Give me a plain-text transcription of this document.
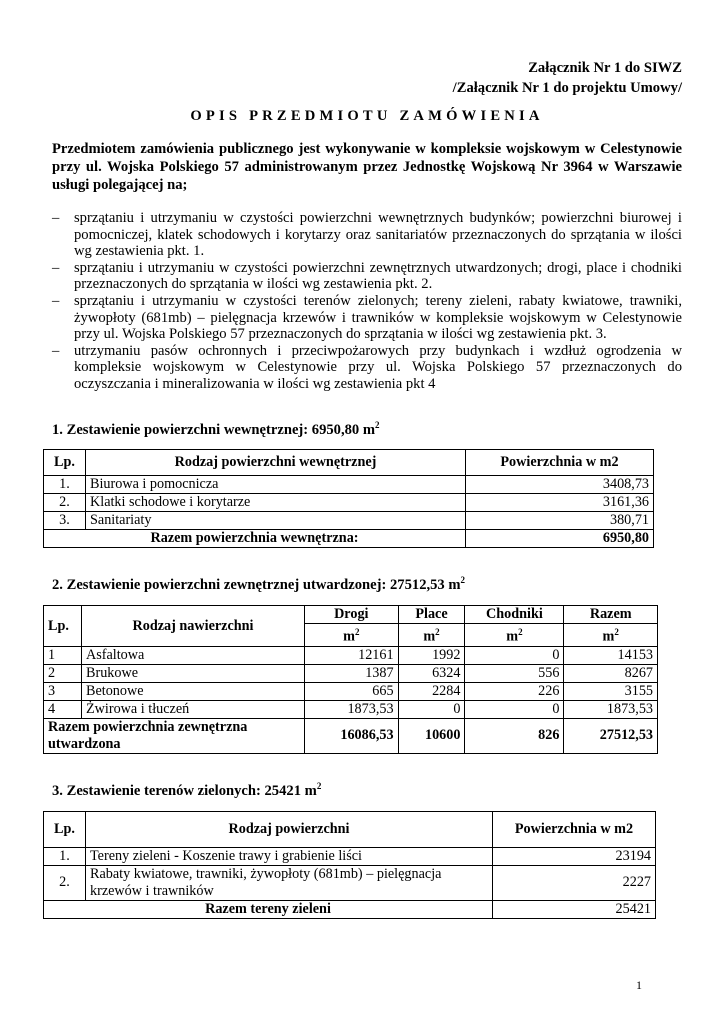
Załącznik Nr 1 do SIWZ
/Załącznik Nr 1 do projektu Umowy/
OPIS PRZEDMIOTU ZAMÓWIENIA

Przedmiotem zamówienia publicznego jest wykonywanie w kompleksie wojskowym w Celestynowie przy ul. Wojska Polskiego 57 administrowanym przez Jednostkę Wojskową Nr 3964 w Warszawie usługi polegającej na;

– sprzątaniu i utrzymaniu w czystości powierzchni wewnętrznych budynków; powierzchni biurowej i pomocniczej, klatek schodowych i korytarzy oraz sanitariatów przeznaczonych do sprzątania w ilości wg zestawienia pkt. 1.
– sprzątaniu i utrzymaniu w czystości powierzchni zewnętrznych utwardzonych; drogi, place i chodniki przeznaczonych do sprzątania w ilości wg zestawienia pkt. 2.
– sprzątaniu i utrzymaniu w czystości terenów zielonych; tereny zieleni, rabaty kwiatowe, trawniki, żywopłoty (681mb) – pielęgnacja krzewów i trawników w kompleksie wojskowym w Celestynowie przy ul. Wojska Polskiego 57 przeznaczonych do sprzątania w ilości wg zestawienia pkt. 3.
– utrzymaniu pasów ochronnych i przeciwpożarowych przy budynkach i wzdłuż ogrodzenia w kompleksie wojskowym w Celestynowie przy ul. Wojska Polskiego 57 przeznaczonych do oczyszczania i mineralizowania w ilości wg zestawienia pkt 4
1. Zestawienie powierzchni wewnętrznej: 6950,80 $m^2$
Lp.	Rodzaj powierzchni wewnętrznej	Powierzchnia w m2
1.	Biurowa i pomocnicza	3408,73
2.	Klatki schodowe i korytarze	3161,36
3.	Sanitariaty	380,71
Razem powierzchnia wewnętrzna:		6950,80
2. Zestawienie powierzchni zewnętrznej utwardzonej: 27512,53 $m^2$
Lp.	Rodzaj nawierzchni	Drogi	Place	Chodniki	Razem
		$m^2$	$m^2$	$m^2$	$m^2$
1	Asfaltowa	12161	1992	0	14153
2	Brukowe	1387	6324	556	8267
3	Betonowe	665	2284	226	3155
4	Żwirowa i tłuczeń	1873,53	0	0	1873,53
Razem powierzchnia zewnętrzna utwardzona		16086,53	10600	826	27512,53
3. Zestawienie terenów zielonych: 25421 $m^2$
Lp.	Rodzaj powierzchni	Powierzchnia w m2
1.	Tereny zieleni - Koszenie trawy i grabienie liści	23194
2.	Rabaty kwiatowe, trawniki, żywopłoty (681mb) – pielęgnacja krzewów i trawników	2227
Razem tereny zieleni		25421
1
